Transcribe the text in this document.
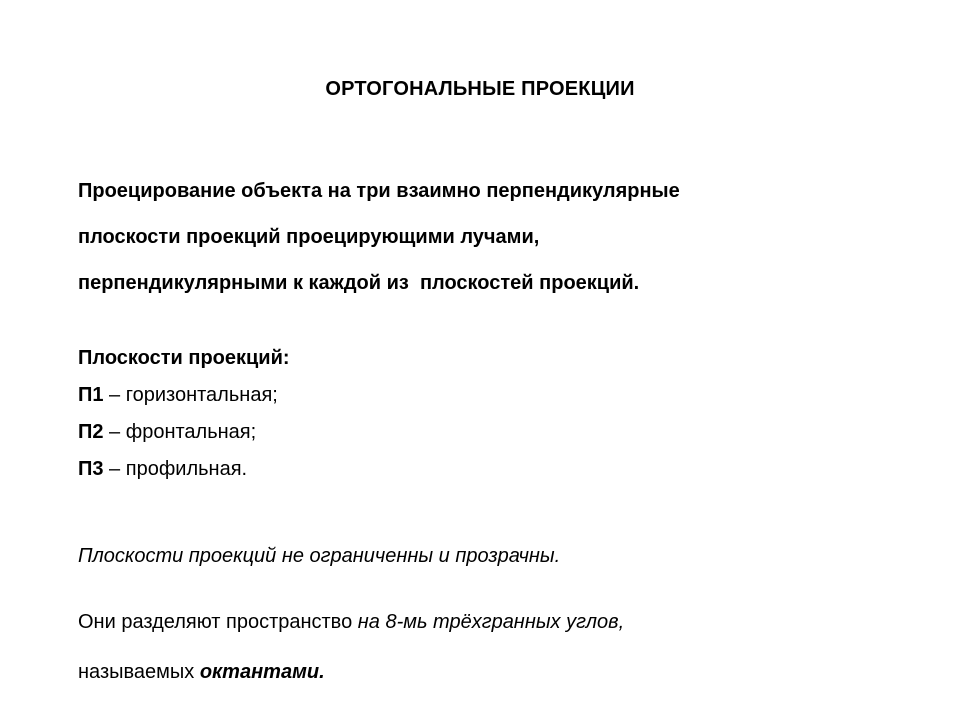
ОРТОГОНАЛЬНЫЕ ПРОЕКЦИИ
Проецирование объекта на три взаимно перпендикулярные
плоскости проекций проецирующими лучами,
перпендикулярными к каждой из  плоскостей проекций.
Плоскости проекций:
П1 – горизонтальная;
П2 – фронтальная;
П3 – профильная.
Плоскости проекций не ограниченны и прозрачны.
Они разделяют пространство на 8-мь трёхгранных углов,
называемых октантами.
